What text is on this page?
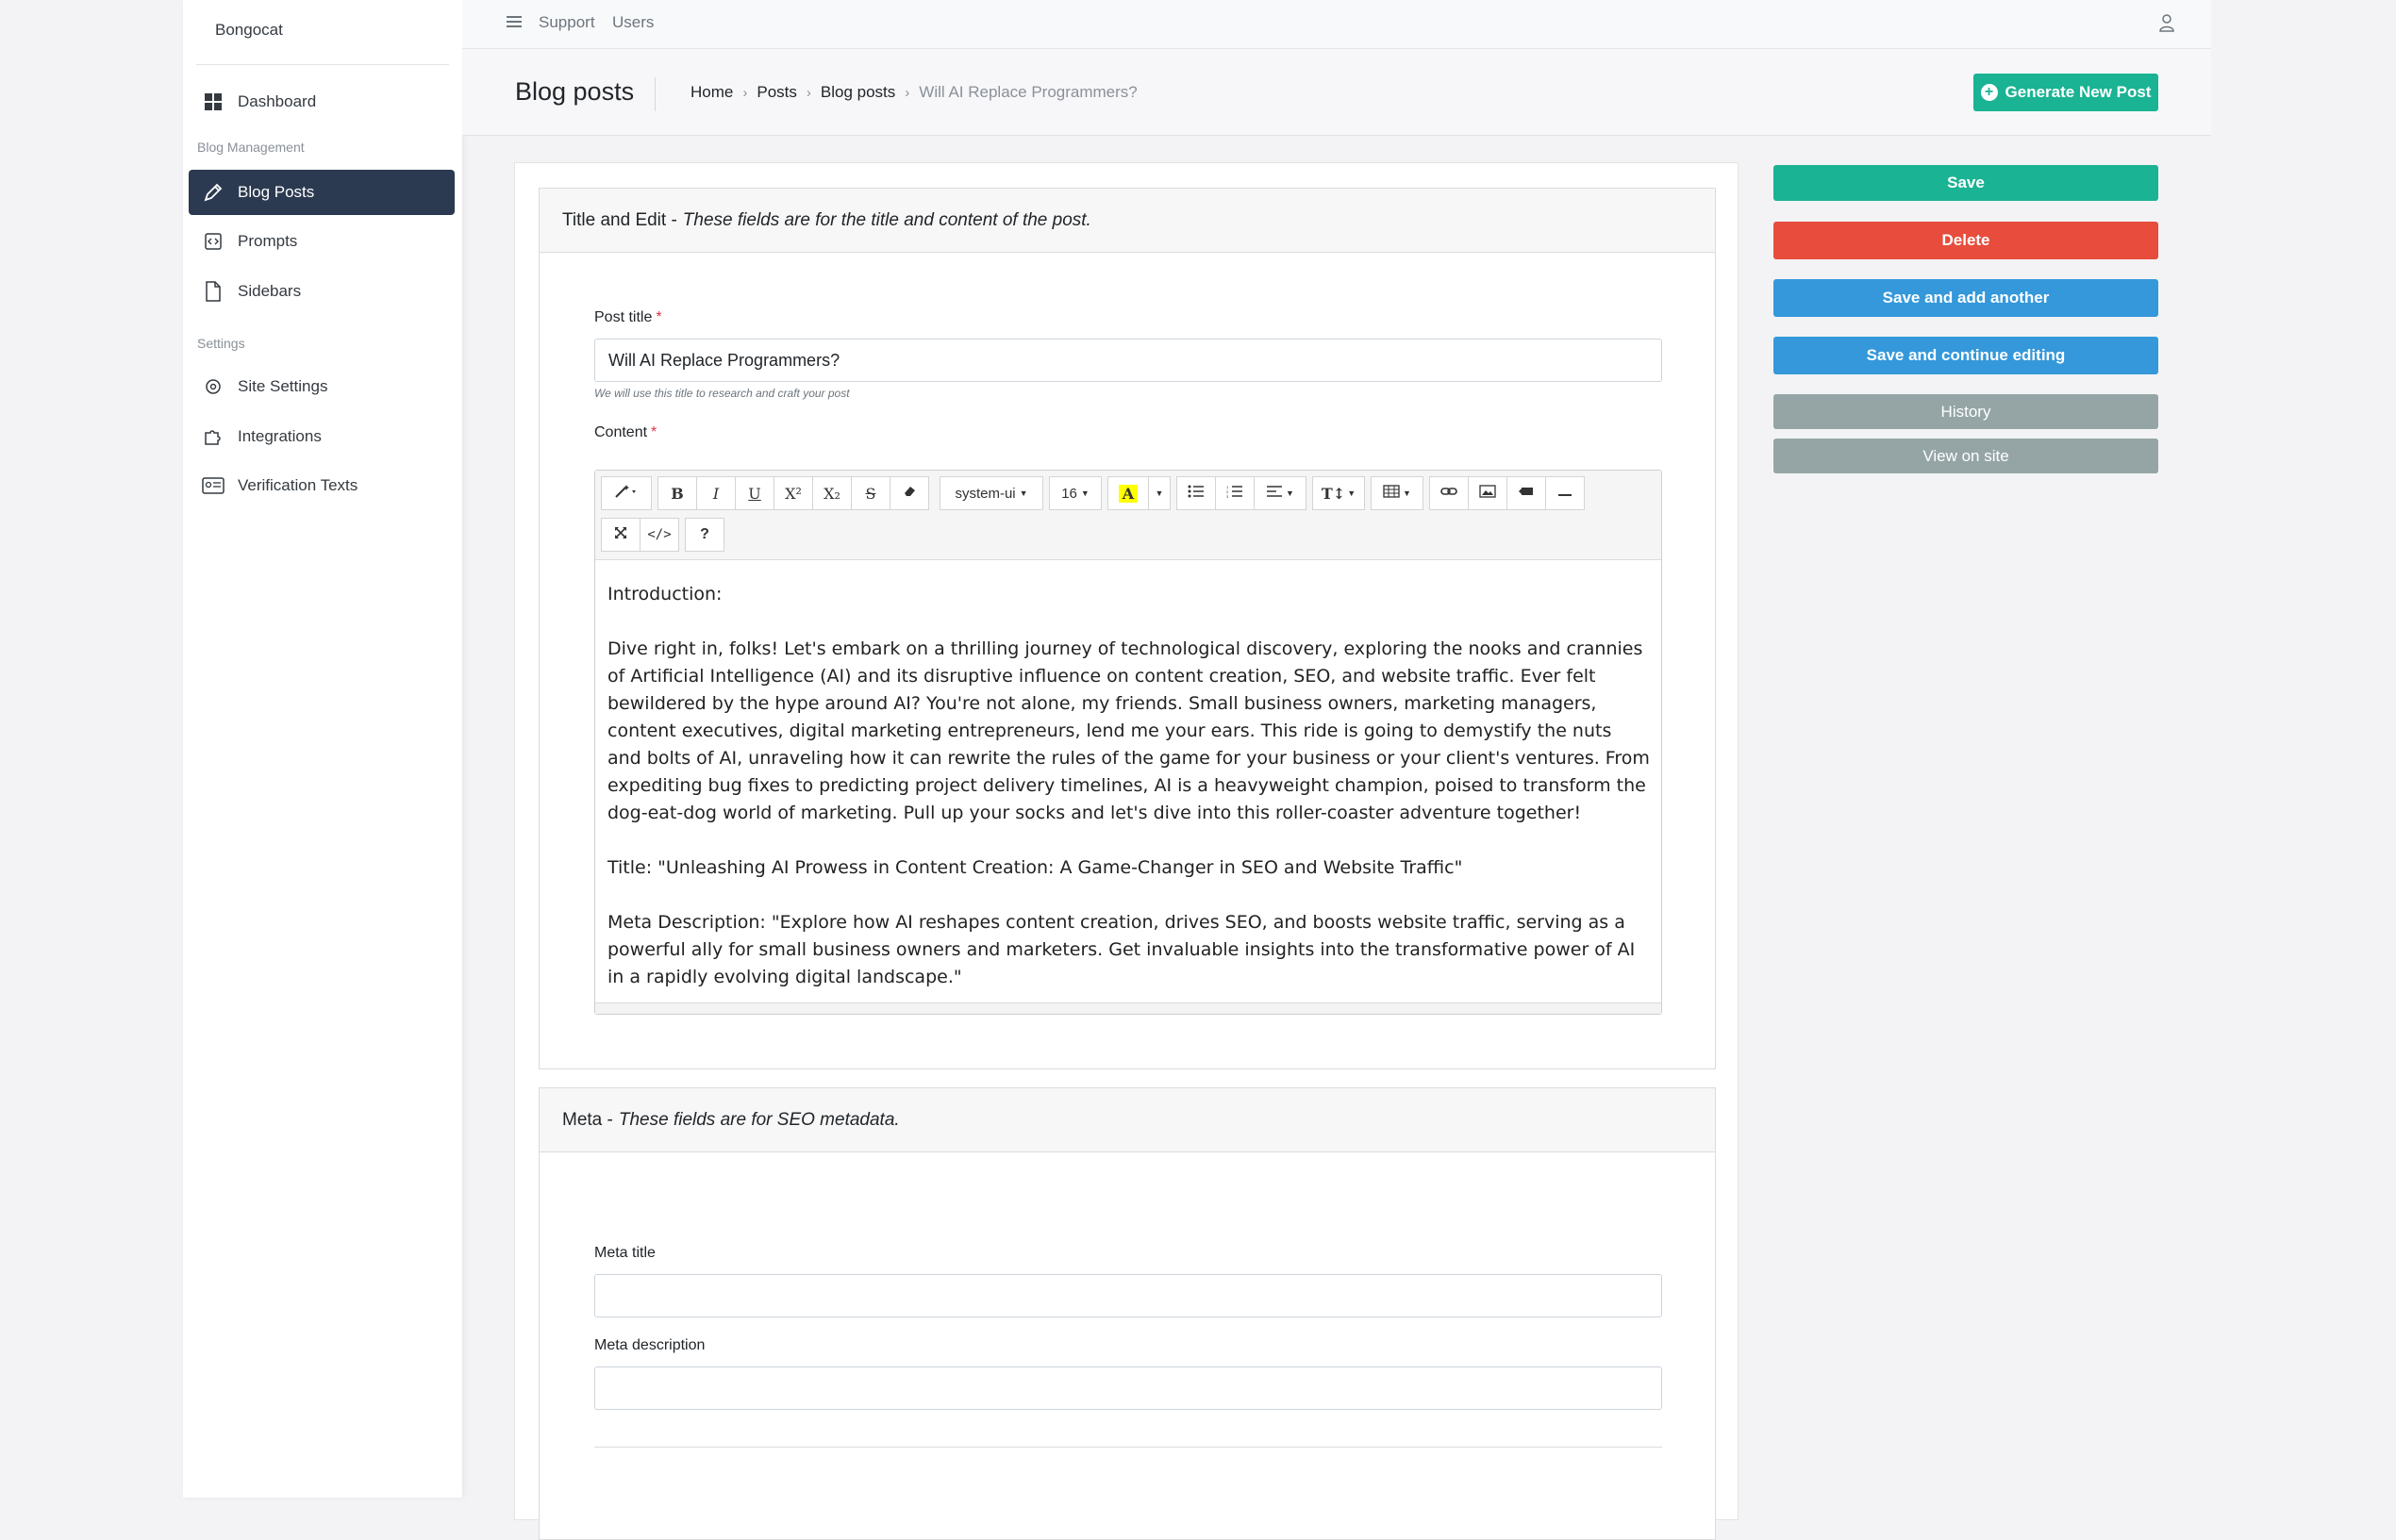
Bongocat
Dashboard
Blog Management
Blog Posts
Prompts
Sidebars
Settings
Site Settings
Integrations
Verification Texts
Support Users
Blog posts	Home › Posts › Blog posts › Will AI Replace Programmers?	+ Generate New Post
Title and Edit - These fields are for the title and content of the post.
Post title *
Will AI Replace Programmers?
We will use this title to research and craft your post
Content *
B	I	U	X²	X₂	S	system-ui ▼ 16 ▼ A	▼
1
2
3	▼ T↕ ▼	▼
</>	?

Introduction:

Dive right in, folks! Let's embark on a thrilling journey of technological discovery, exploring the nooks and crannies of Artificial Intelligence (AI) and its disruptive influence on content creation, SEO, and website traffic. Ever felt bewildered by the hype around AI? You're not alone, my friends. Small business owners, marketing managers, content executives, digital marketing entrepreneurs, lend me your ears. This ride is going to demystify the nuts and bolts of AI, unraveling how it can rewrite the rules of the game for your business or your client's ventures. From expediting bug fixes to predicting project delivery timelines, AI is a heavyweight champion, poised to transform the dog-eat-dog world of marketing. Pull up your socks and let's dive into this roller-coaster adventure together!

Title: "Unleashing AI Prowess in Content Creation: A Game-Changer in SEO and Website Traffic"

Meta Description: "Explore how AI reshapes content creation, drives SEO, and boosts website traffic, serving as a powerful ally for small business owners and marketers. Get invaluable insights into the transformative power of AI in a rapidly evolving digital landscape."

Meta - These fields are for SEO metadata.
Meta title
Meta description
Save
Delete
Save and add another
Save and continue editing
History
View on site
